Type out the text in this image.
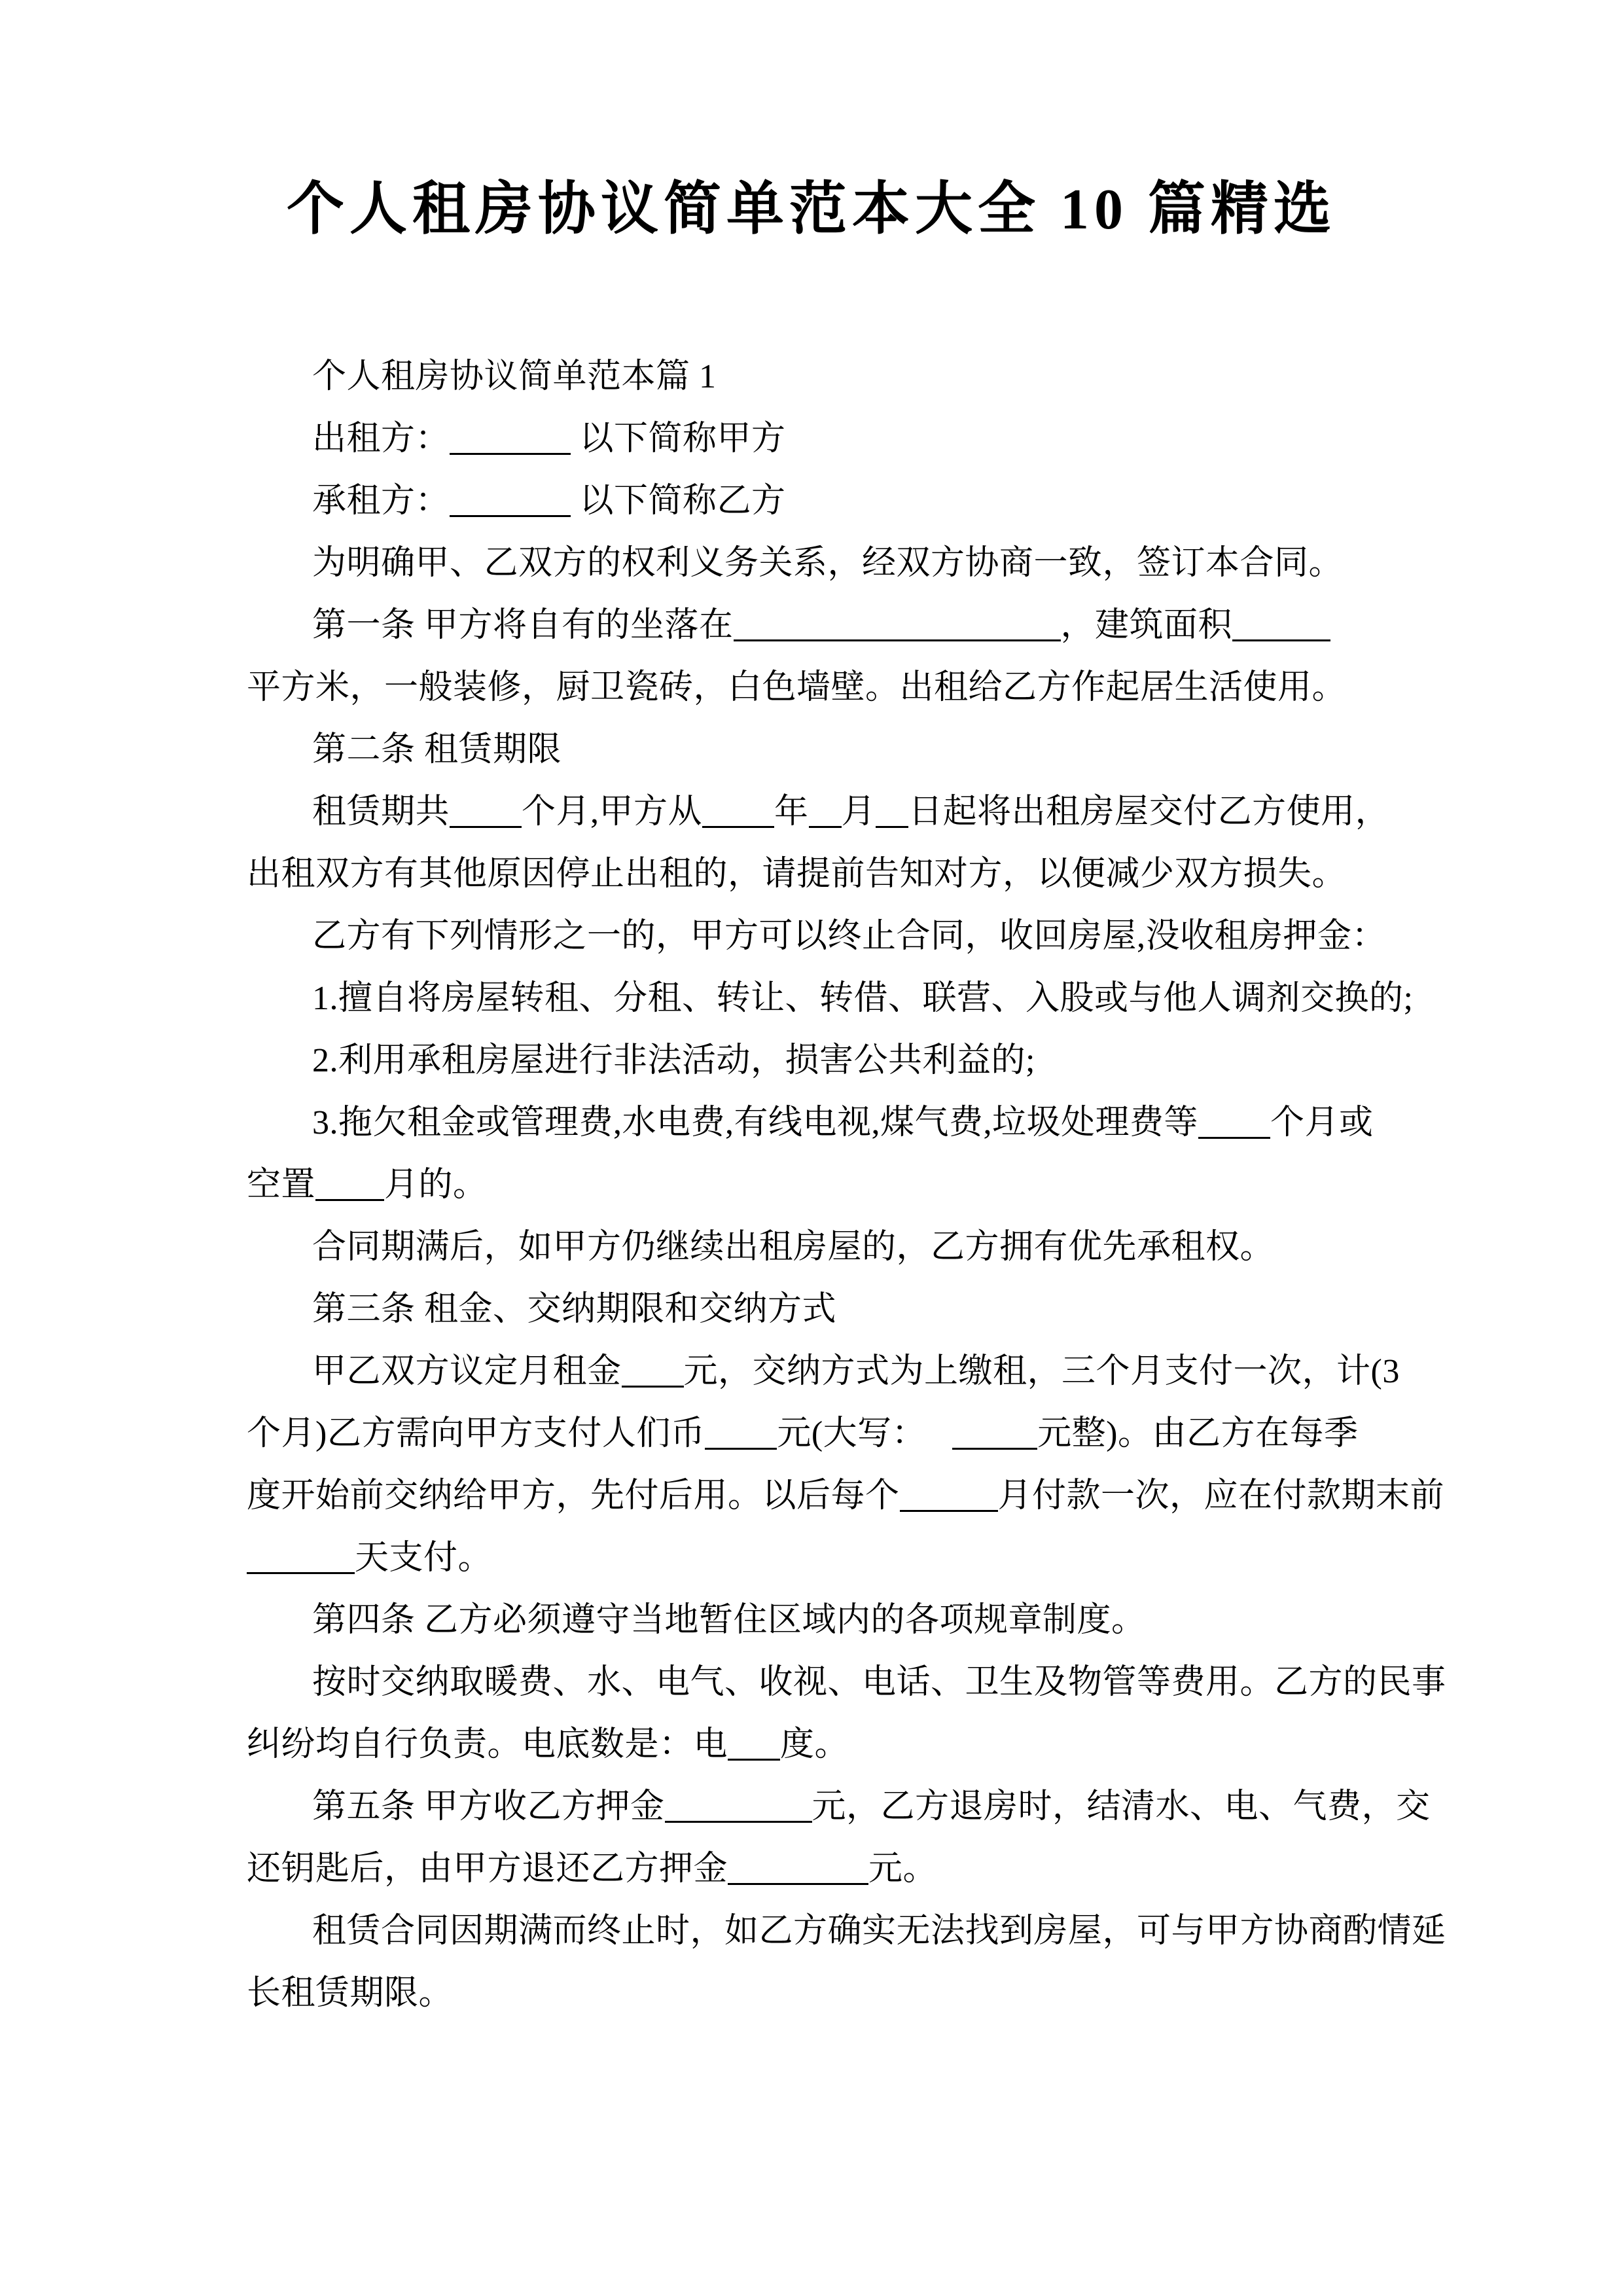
个人租房协议简单范本大全 10 篇精选
个人租房协议简单范本篇 1
出租方：	以下简称甲方
承租方：	以下简称乙方
为明确甲、乙双方的权利义务关系，经双方协商一致，签订本合同。
第一条 甲方将自有的坐落在	，建筑面积
平方米，一般装修，厨卫瓷砖，白色墙壁。出租给乙方作起居生活使用。
第二条 租赁期限
租赁期共 个月,甲方从 年 月 日起将出租房屋交付乙方使用，
出租双方有其他原因停止出租的，请提前告知对方，以便减少双方损失。
乙方有下列情形之一的，甲方可以终止合同，收回房屋,没收租房押金：
1.擅自将房屋转租、分租、转让、转借、联营、入股或与他人调剂交换的;
2.利用承租房屋进行非法活动，损害公共利益的;
3.拖欠租金或管理费,水电费,有线电视,煤气费,垃圾处理费等 个月或
空置 月的。
合同期满后，如甲方仍继续出租房屋的，乙方拥有优先承租权。
第三条 租金、交纳期限和交纳方式
甲乙双方议定月租金 元，交纳方式为上缴租，三个月支付一次，计(3
个月)乙方需向甲方支付人们币 元(大写：	元整)。由乙方在每季
度开始前交纳给甲方，先付后用。以后每个	月付款一次，应在付款期末前
天支付。
第四条 乙方必须遵守当地暂住区域内的各项规章制度。
按时交纳取暖费、水、电气、收视、电话、卫生及物管等费用。乙方的民事
纠纷均自行负责。电底数是：电 度。
第五条 甲方收乙方押金	元，乙方退房时，结清水、电、气费，交
还钥匙后，由甲方退还乙方押金	元。
租赁合同因期满而终止时，如乙方确实无法找到房屋，可与甲方协商酌情延
长租赁期限。
